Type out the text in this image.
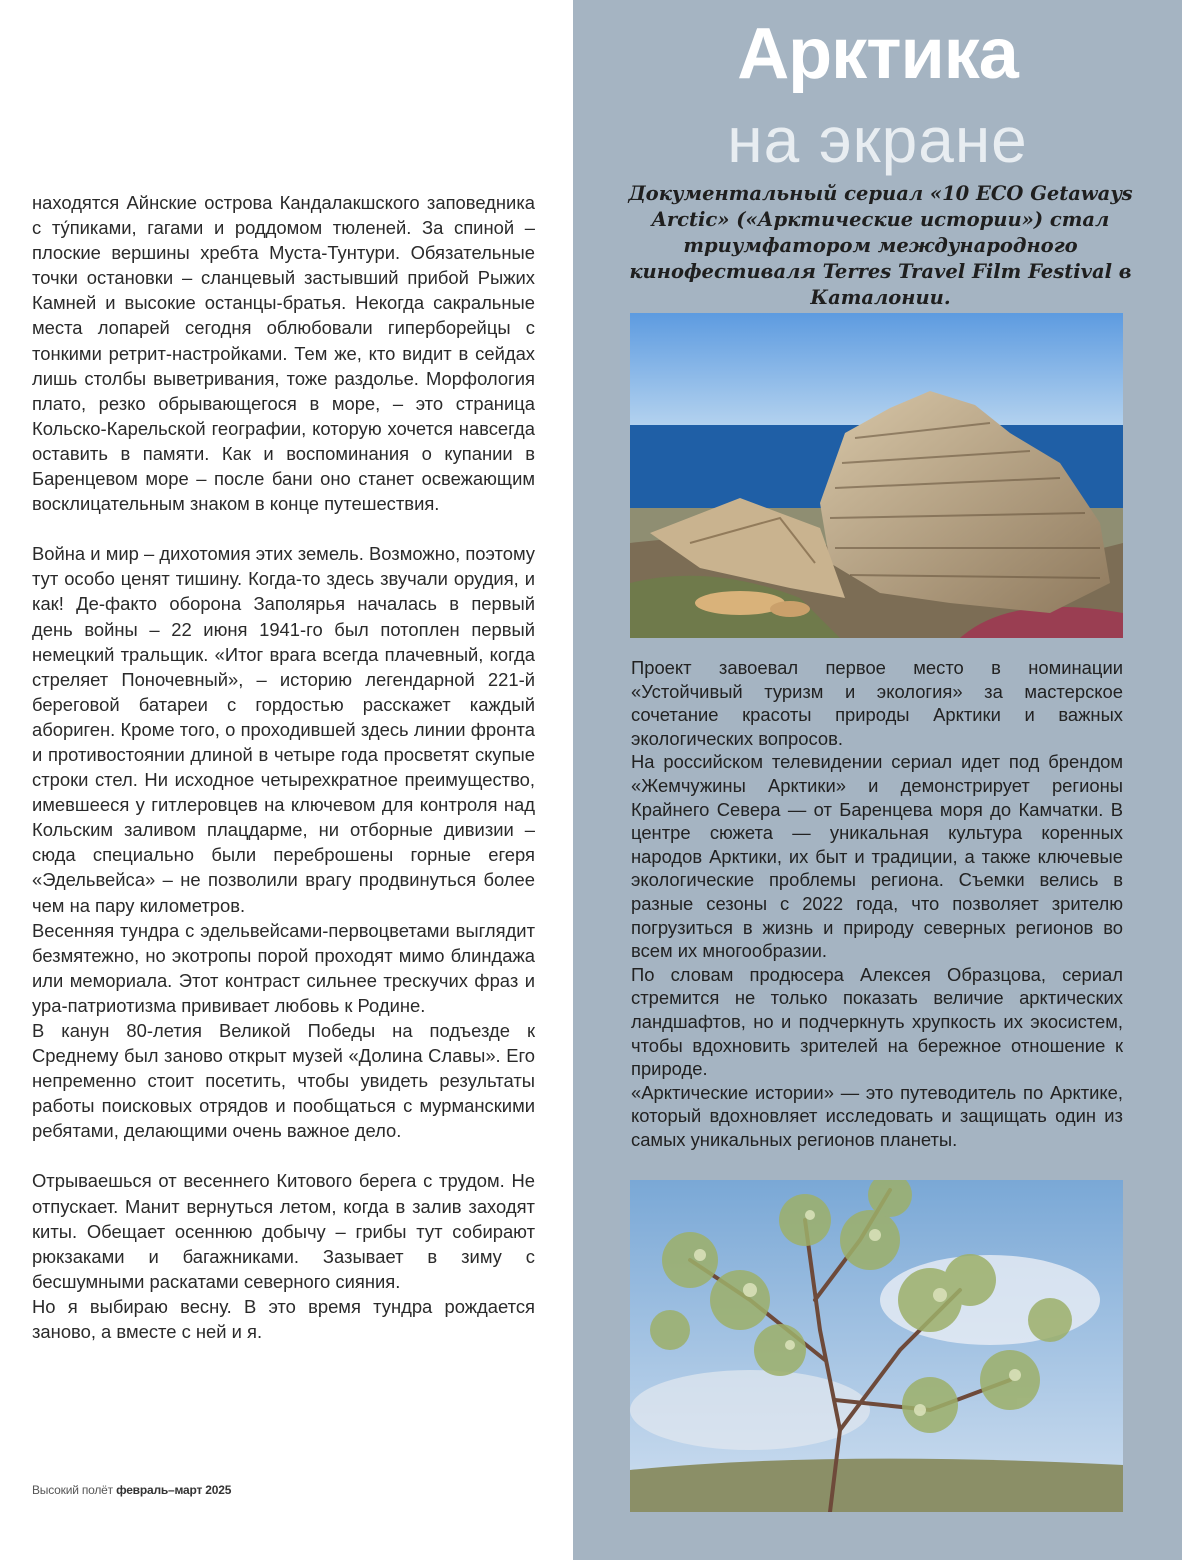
находятся Айнские острова Кандалакшского заповедника с ту́пиками, гагами и роддомом тюленей. За спиной – плоские вершины хребта Муста-Тунтури. Обязательные точки остановки – сланцевый застывший прибой Рыжих Камней и высокие останцы-братья. Некогда сакральные места лопарей сегодня облюбовали гиперборейцы с тонкими ретрит-настройками. Тем же, кто видит в сейдах лишь столбы выветривания, тоже раздолье. Морфология плато, резко обрывающегося в море, – это страница Кольско-Карельской географии, которую хочется навсегда оставить в памяти. Как и воспоминания о купании в Баренцевом море – после бани оно станет освежающим восклицательным знаком в конце путешествия.

Война и мир – дихотомия этих земель. Возможно, поэтому тут особо ценят тишину. Когда-то здесь звучали орудия, и как! Де-факто оборона Заполярья началась в первый день войны – 22 июня 1941-го был потоплен первый немецкий тральщик. «Итог врага всегда плачевный, когда стреляет Поночевный», – историю легендарной 221-й береговой батареи с гордостью расскажет каждый абориген. Кроме того, о проходившей здесь линии фронта и противостоянии длиной в четыре года просветят скупые строки стел. Ни исходное четырехкратное преимущество, имевшееся у гитлеровцев на ключевом для контроля над Кольским заливом плацдарме, ни отборные дивизии – сюда специально были переброшены горные егеря «Эдельвейса» – не позволили врагу продвинуться более чем на пару километров.

Весенняя тундра с эдельвейсами-первоцветами выглядит безмятежно, но экотропы порой проходят мимо блиндажа или мемориала. Этот контраст сильнее трескучих фраз и ура-патриотизма прививает любовь к Родине.

В канун 80-летия Великой Победы на подъезде к Среднему был заново открыт музей «Долина Славы». Его непременно стоит посетить, чтобы увидеть результаты работы поисковых отрядов и пообщаться с мурманскими ребятами, делающими очень важное дело.

Отрываешься от весеннего Китового берега с трудом. Не отпускает. Манит вернуться летом, когда в залив заходят киты. Обещает осеннюю добычу – грибы тут собирают рюкзаками и багажниками. Зазывает в зиму с бесшумными раскатами северного сияния.

Но я выбираю весну. В это время тундра рождается заново, а вместе с ней и я.

Высокий полёт февраль–март 2025
Арктика
на экране
Документальный сериал «10 ECO Getaways Arctic» («Арктические истории») стал триумфатором международного кинофестиваля Terres Travel Film Festival в Каталонии.

Проект завоевал первое место в номинации «Устойчивый туризм и экология» за мастерское сочетание красоты природы Арктики и важных экологических вопросов.

На российском телевидении сериал идет под брендом «Жемчужины Арктики» и демонстрирует регионы Крайнего Севера — от Баренцева моря до Камчатки. В центре сюжета — уникальная культура коренных народов Арктики, их быт и традиции, а также ключевые экологические проблемы региона. Съемки велись в разные сезоны с 2022 года, что позволяет зрителю погрузиться в жизнь и природу северных регионов во всем их многообразии.

По словам продюсера Алексея Образцова, сериал стремится не только показать величие арктических ландшафтов, но и подчеркнуть хрупкость их экосистем, чтобы вдохновить зрителей на бережное отношение к природе.

«Арктические истории» — это путеводитель по Арктике, который вдохновляет исследовать и защищать один из самых уникальных регионов планеты.
